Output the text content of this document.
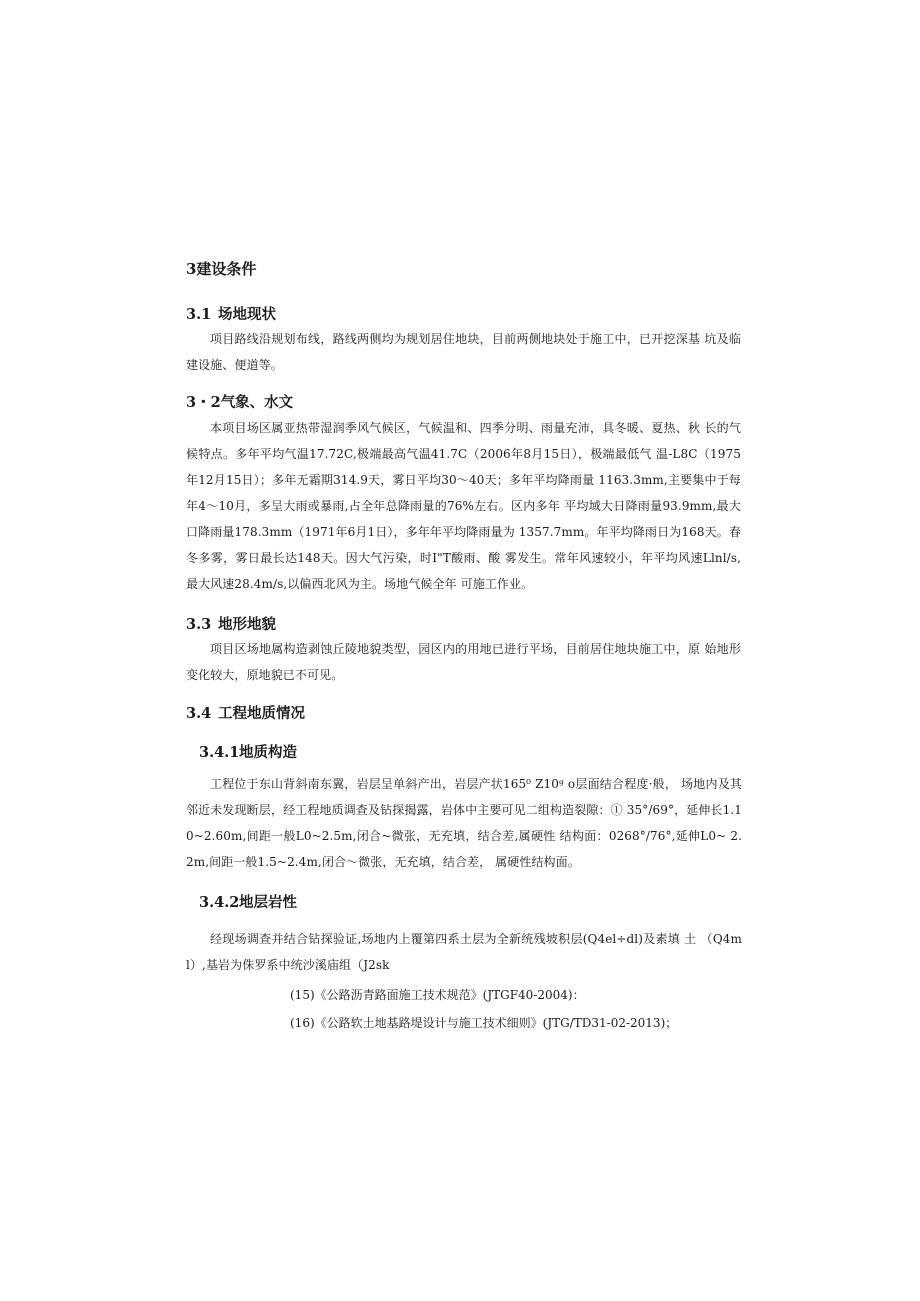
3建设条件
3.1 场地现状
项目路线沿规划布线，路线两侧均为规划居住地块，目前两侧地块处于施工中，已开挖深基 坑及临建设施、便道等。
3・2气象、水文
本项目场区属亚热带湿润季风气候区，气候温和、四季分明、雨量充沛，具冬暖、夏热、秋 长的气候特点。多年平均气温17.72C,极端最高气温41.7C（2006年8月15日），极端最低气 温-L8C（1975年12月15日）；多年无霜期314.9天，雾日平均30～40天；多年平均降雨量 1163.3mm,主要集中于每年4～10月，多呈大雨或暴雨,占全年总降雨量的76%左右。区内多年 平均域大日降雨量93.9mm,最大口降雨量178.3mm（1971年6月1日），多年年平均降雨量为 1357.7mm。年平均降雨日为168天。春冬多雾，雾日最长达148天。因大气污染，时I"T酸雨、酸 雾发生。常年风速较小，年平均风速Llnl/s,最大风速28.4m/s,以偏西北风为主。场地气候全年 可施工作业。
3.3 地形地貌
项目区场地属构造剥蚀丘陵地貌类型，园区内的用地已进行平场，目前居住地块施工中，原 始地形变化较大，原地貌已不可见。
3.4 工程地质情况
3.4.1地质构造
工程位于东山背斜南东翼，岩层呈单斜产出，岩层产状165⁰ Z10ᵍ o层面结合程度·般， 场地内及其邻近未发现断层，经工程地质调查及钻探揭露，岩体中主要可见二组构造裂隙：① 35°/69°，延伸长1.10~2.60m,间距一般L0~2.5m,闭合~微张，无充填，结合差,属硬性 结构面：0268°/76°,延伸L0~ 2.2m,间距一般1.5~2.4m,闭合～微张，无充填，结合差， 属硬性结构面。
3.4.2地层岩性
经现场调查并结合钻探验证,场地内上覆第四系土层为全新统残坡积层(Q4el÷dl)及素填 土 （Q4ml）,基岩为侏罗系中统沙溪庙组（J2sk
(15)《公路沥青路面施工技术规范》(JTGF40-2004)：
(16)《公路软土地基路堤设计与施工技术细则》(JTG/TD31-02-2013)；
